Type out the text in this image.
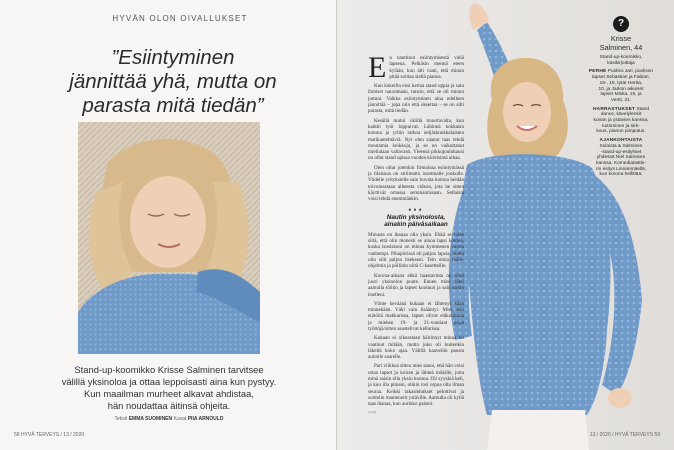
HYVÄN OLON OIVALLUKSET
”Esiintyminen
jännittää yhä, mutta on
parasta mitä tiedän”
Stand-up-koomikko Krisse Salminen tarvitsee
välillä yksinoloa ja ottaa leppoisasti aina kun pystyy.
Kun maailman murheet alkavat ahdistaa,
hän noudattaa äitinsä ohjeita.
Teksti EMMA SUOMINEN Kuvat PIIA ARNOULD
58 HYVÄ TERVEYS / 13 / 2020	13 / 2020 / HYVÄ TERVEYS 59
E n nauttinut esiintymisestä vielä lapsena. Pelkäsin mennä eteen kylään, kun äiti vaati, että minun pitää soittaa siellä pianoa.

Kun kokeilin ensi kertaa stand uppia ja sain ihmiset nauramaan, tunsin, että se oli minun juttuni. Vaikka esiintyminen aina edelleen jännittää – jopa niin että oksettaa – se on silti parasta, mitä tiedän.

Kesällä tuntui välillä muurtavalta, kun kaikki työt loppuivat. Lähinnä kokkasin kotona ja yritin ratkoa neljäshuokkalaisten matikantehtäviä. Nyt olen saanut taas tehdä muutamia keikkoja, ja se on vaikuttanut mielialaan valtavasti. Yleensä pikkujoulukausi on ollut stand upissa vuoden kiireisintä aikaa.

Olen ollut jotenkin firmoissa esiintymässä ja tilaisuus on striimattu isommalle joukolle. Yhdelle yrityksielle sain kuvata kotona heidän toivomastaan aiheesta videon, jota he sitten käyttivät omassa seminaarissaan. Sellaista voisi tehdä enemmänkin.

•••
Nautin yksinolosta,
ainakin päiväsaikaan

Minusta on ihanaa olla yksin. Ehkä se tulee siitä, että olin monesti se ainoa lapsi kotona, koska isosiskoni on minua kymmenen vuotta vanhempi. Pihapiirissä oli paljon lapsia, mutta olin silti paljon itsekseni. Tein omia radio-ohjelmia ja pöllötin niitä C-kasetteille.

Korona-aikana ehkä haastavinta on ollut juuri yksinolon puute. Ennen mies lähti aamulla töihin ja lapset kouluun ja sain kodin itselleni.

Viime keväänä kukaan ei lähtenyt kään minnekään. Väki vain lisääntyi. Mies teki etätöitä makkarissa, lapset olivat etäkoulussa ja miehen 19- ja 21-vuotiaat pojat työttöjä/sitten asustelivat kellarissa.

Kukaan ei oikeastaan häirinnyt minua tai vaatinut mitään, mutta joku oli kuitenkin läheltä koko ajan. Välillä haaveilin paosta autiolle saarelle.

Pari viikkoa sitten mies sanoi, että hän voisi ottaa lapset ja koiran ja lähteä mökille, jotta minä saisin olla yksin kotona. Oli syyskiä keli, ja kun illa pimeni, olikin tosi orpoa olla ilman seuraa. Keikki rakashdutkset pelottivat ja soittelin mantenerit ystäville. Aamulla oli kyllä taas ihanaa, kun aurinko paistoi.

>>>
?
Krisse
Salminen, 44
Stand-up-koomikko,
käsikirjoittaja
PERHE Puoliso Jari, puolison
lapset Sebastian ja Fabian,
15-, 19, tytär Hertta,
10, ja Jarkon aikuiset
lapset Miska, 19, ja
Vertti, 21.
HARRASTUKSET Stand
dance, kävelylenkit
koiran ja ystävien kanssa, kutominen ja sirk-
kous, pianon pimputus.
AJANKOHTAISTA
Suloista & Salminen
-stand-up-esitykset
yhdessä Niel Salmisen
kanssa. Komediatastle-
rin esitys Linnanmäellä,
kun korona hellittää.
